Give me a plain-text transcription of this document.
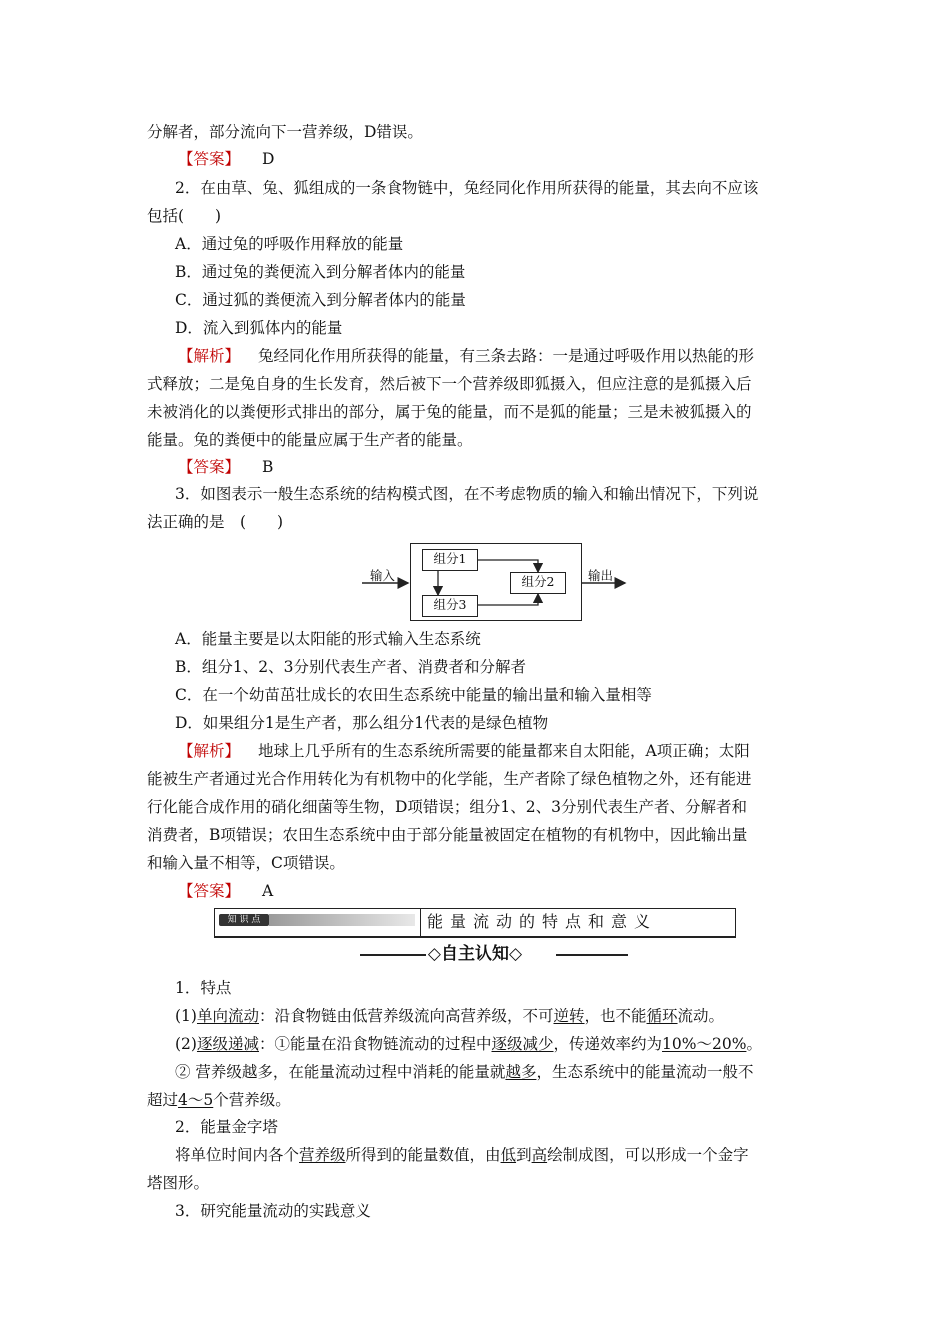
分解者，部分流向下一营养级，D错误。
【答案】 D
2．在由草、兔、狐组成的一条食物链中，兔经同化作用所获得的能量，其去向不应该
包括(　　)
A．通过兔的呼吸作用释放的能量
B．通过兔的粪便流入到分解者体内的能量
C．通过狐的粪便流入到分解者体内的能量
D．流入到狐体内的能量
【解析】 兔经同化作用所获得的能量，有三条去路：一是通过呼吸作用以热能的形
式释放；二是兔自身的生长发育，然后被下一个营养级即狐摄入，但应注意的是狐摄入后
未被消化的以粪便形式排出的部分，属于兔的能量，而不是狐的能量；三是未被狐摄入的
能量。兔的粪便中的能量应属于生产者的能量。
【答案】 B
3．如图表示一般生态系统的结构模式图，在不考虑物质的输入和输出情况下，下列说
法正确的是　(　　)
输入	输出
组分1
组分2
组分3
A．能量主要是以太阳能的形式输入生态系统
B．组分1、2、3分别代表生产者、消费者和分解者
C．在一个幼苗茁壮成长的农田生态系统中能量的输出量和输入量相等
D．如果组分1是生产者，那么组分1代表的是绿色植物
【解析】 地球上几乎所有的生态系统所需要的能量都来自太阳能，A项正确；太阳
能被生产者通过光合作用转化为有机物中的化学能，生产者除了绿色植物之外，还有能进
行化能合成作用的硝化细菌等生物，D项错误；组分1、2、3分别代表生产者、分解者和
消费者，B项错误；农田生态系统中由于部分能量被固定在植物的有机物中，因此输出量
和输入量不相等，C项错误。
【答案】 A
知 识 点	能量流动的特点和意义
◇自主认知◇
1．特点
(1)单向流动：沿食物链由低营养级流向高营养级，不可逆转，也不能循环流动。
(2)逐级递减：①能量在沿食物链流动的过程中逐级减少，传递效率约为10%～20%。
② 营养级越多，在能量流动过程中消耗的能量就越多，生态系统中的能量流动一般不
超过4～5个营养级。
2．能量金字塔
将单位时间内各个营养级所得到的能量数值，由低到高绘制成图，可以形成一个金字
塔图形。
3．研究能量流动的实践意义
